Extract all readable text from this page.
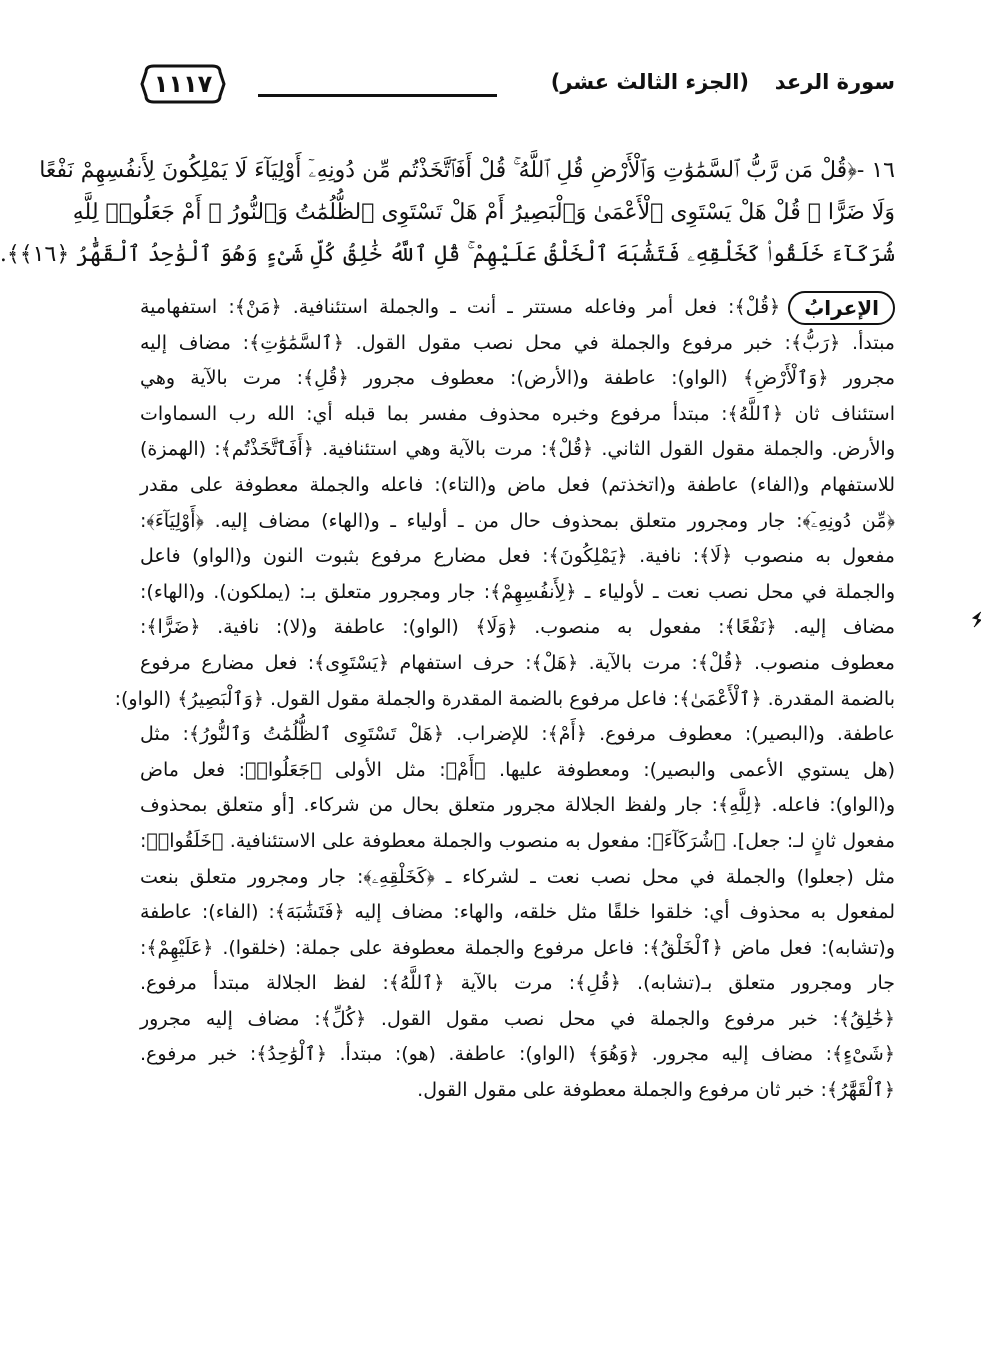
سورة الرعد
(الجزء الثالث عشر)
١١١٧
١٦ -﴿قُلْ مَن رَّبُّ ٱلسَّمَٰوَٰتِ وَٱلْأَرْضِ قُلِ ٱللَّهُ ۚ قُلْ أَفَٱتَّخَذْتُم مِّن دُونِهِۦٓ أَوْلِيَآءَ لَا يَمْلِكُونَ لِأَنفُسِهِمْ نَفْعًا
وَلَا ضَرًّا ۚ قُلْ هَلْ يَسْتَوِى ٱلْأَعْمَىٰ وَٱلْبَصِيرُ أَمْ هَلْ تَسْتَوِى ٱلظُّلُمَٰتُ وَٱلنُّورُ ۗ أَمْ جَعَلُوا۟ لِلَّهِ
شُرَكَآءَ خَلَقُوا۟ كَخَلْقِهِۦ فَتَشَٰبَهَ ٱلْخَلْقُ عَلَيْهِمْ ۚ قُلِ ٱللَّهُ خَٰلِقُ كُلِّ شَىْءٍ وَهُوَ ٱلْوَٰحِدُ ٱلْقَهَّٰرُ ﴿١٦﴾﴾.
الإعرابُ﴿قُلْ﴾: فعل أمر وفاعله مستتر ـ أنت ـ والجملة استئنافية. ﴿مَنْ﴾: استفهامية
مبتدأ. ﴿رَبُّ﴾: خبر مرفوع والجملة في محل نصب مقول القول. ﴿ٱلسَّمَٰوَٰتِ﴾: مضاف إليه
مجرور ﴿وَٱلْأَرْضِ﴾ (الواو): عاطفة و(الأرض): معطوف مجرور ﴿قُلِ﴾: مرت بالآية وهي
استئناف ثان ﴿ٱللَّهُ﴾: مبتدأ مرفوع وخبره محذوف مفسر بما قبله أي: الله رب السماوات
والأرض. والجملة مقول القول الثاني. ﴿قُلْ﴾: مرت بالآية وهي استئنافية. ﴿أَفَٱتَّخَذْتُم﴾: (الهمزة)
للاستفهام و(الفاء) عاطفة و(اتخذتم) فعل ماض و(التاء): فاعله والجملة معطوفة على مقدر
﴿مِّن دُونِهِۦٓ﴾: جار ومجرور متعلق بمحذوف حال من ـ أولياء ـ و(الهاء) مضاف إليه. ﴿أَوْلِيَآءَ﴾:
مفعول به منصوب ﴿لَا﴾: نافية. ﴿يَمْلِكُونَ﴾: فعل مضارع مرفوع بثبوت النون و(الواو) فاعل
والجملة في محل نصب نعت ـ لأولياء ـ ﴿لِأَنفُسِهِمْ﴾: جار ومجرور متعلق بـ: (يملكون). و(الهاء):
مضاف إليه. ﴿نَفْعًا﴾: مفعول به منصوب. ﴿وَلَا﴾ (الواو): عاطفة و(لا): نافية. ﴿ضَرًّا﴾:
معطوف منصوب. ﴿قُلْ﴾: مرت بالآية. ﴿هَلْ﴾: حرف استفهام ﴿يَسْتَوِى﴾: فعل مضارع مرفوع
بالضمة المقدرة. ﴿ٱلْأَعْمَىٰ﴾: فاعل مرفوع بالضمة المقدرة والجملة مقول القول. ﴿وَٱلْبَصِيرُ﴾ (الواو):
عاطفة. و(البصير): معطوف مرفوع. ﴿أَمْ﴾: للإضراب. ﴿هَلْ تَسْتَوِى ٱلظُّلُمَٰتُ وَٱلنُّورُ﴾: مثل
(هل يستوي الأعمى والبصير): ومعطوفة عليها. ﴿أَمْ﴾: مثل الأولى ﴿جَعَلُوا۟﴾: فعل ماض
و(الواو): فاعله. ﴿لِلَّهِ﴾: جار ولفظ الجلالة مجرور متعلق بحال من شركاء. [أو متعلق بمحذوف
مفعول ثانٍ لـ: جعل]. ﴿شُرَكَآءَ﴾: مفعول به منصوب والجملة معطوفة على الاستئنافية. ﴿خَلَقُوا۟﴾:
مثل (جعلوا) والجملة في محل نصب نعت ـ لشركاء ـ ﴿كَخَلْقِهِۦ﴾: جار ومجرور متعلق بنعت
لمفعول به محذوف أي: خلقوا خلقًا مثل خلقه، والهاء: مضاف إليه ﴿فَتَشَٰبَهَ﴾: (الفاء): عاطفة
و(تشابه): فعل ماض ﴿ٱلْخَلْقُ﴾: فاعل مرفوع والجملة معطوفة على جملة: (خلقوا). ﴿عَلَيْهِمْ﴾:
جار ومجرور متعلق بـ(تشابه). ﴿قُلِ﴾: مرت بالآية ﴿ٱللَّهُ﴾: لفظ الجلالة مبتدأ مرفوع.
﴿خَٰلِقُ﴾: خبر مرفوع والجملة في محل نصب مقول القول. ﴿كُلِّ﴾: مضاف إليه مجرور
﴿شَىْءٍ﴾: مضاف إليه مجرور. ﴿وَهُوَ﴾ (الواو): عاطفة. (هو): مبتدأ. ﴿ٱلْوَٰحِدُ﴾: خبر مرفوع.
﴿ٱلْقَهَّٰرُ﴾: خبر ثان مرفوع والجملة معطوفة على مقول القول.
